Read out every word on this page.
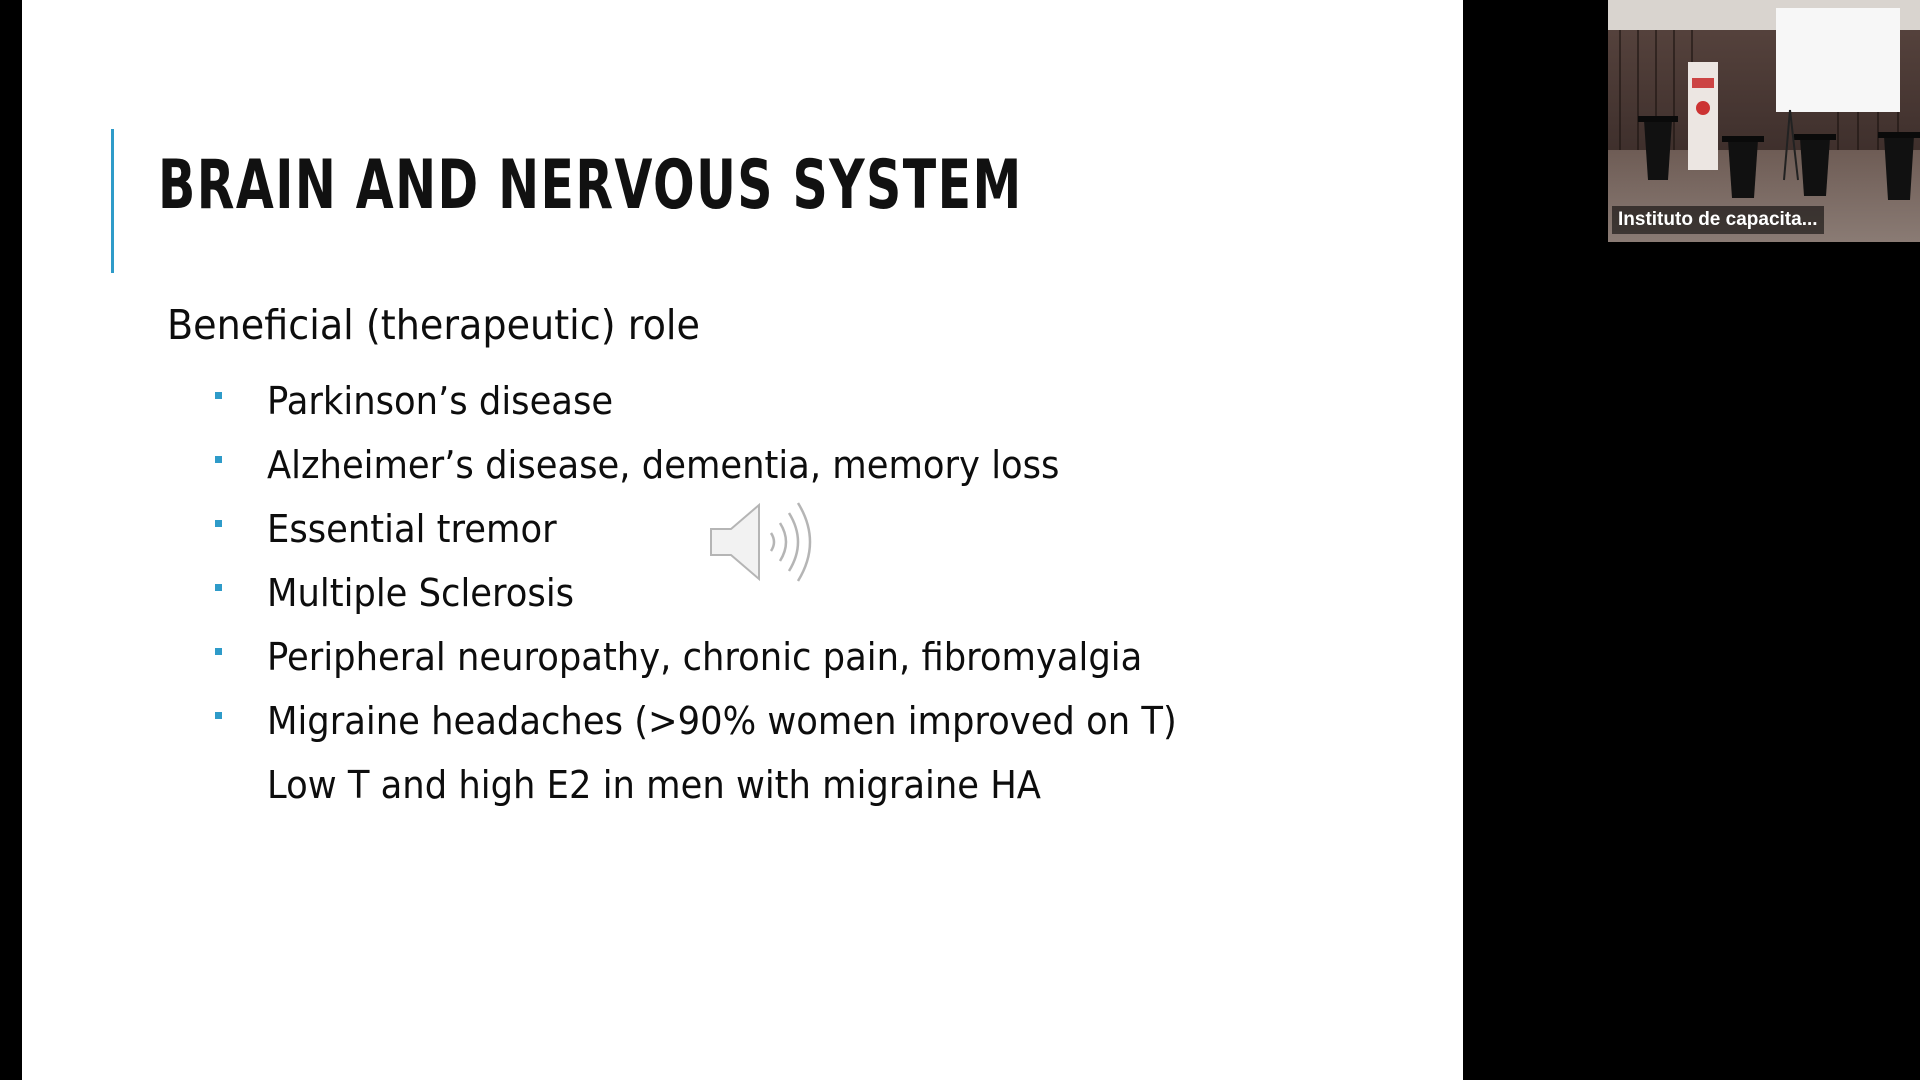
BRAIN AND NERVOUS SYSTEM
Beneficial (therapeutic) role
Parkinson’s disease
Alzheimer’s disease, dementia, memory loss
Essential tremor
Multiple Sclerosis
Peripheral neuropathy, chronic pain, fibromyalgia
Migraine headaches (>90% women improved on T)
Low T and high E2 in men with migraine HA
Instituto de capacita...
